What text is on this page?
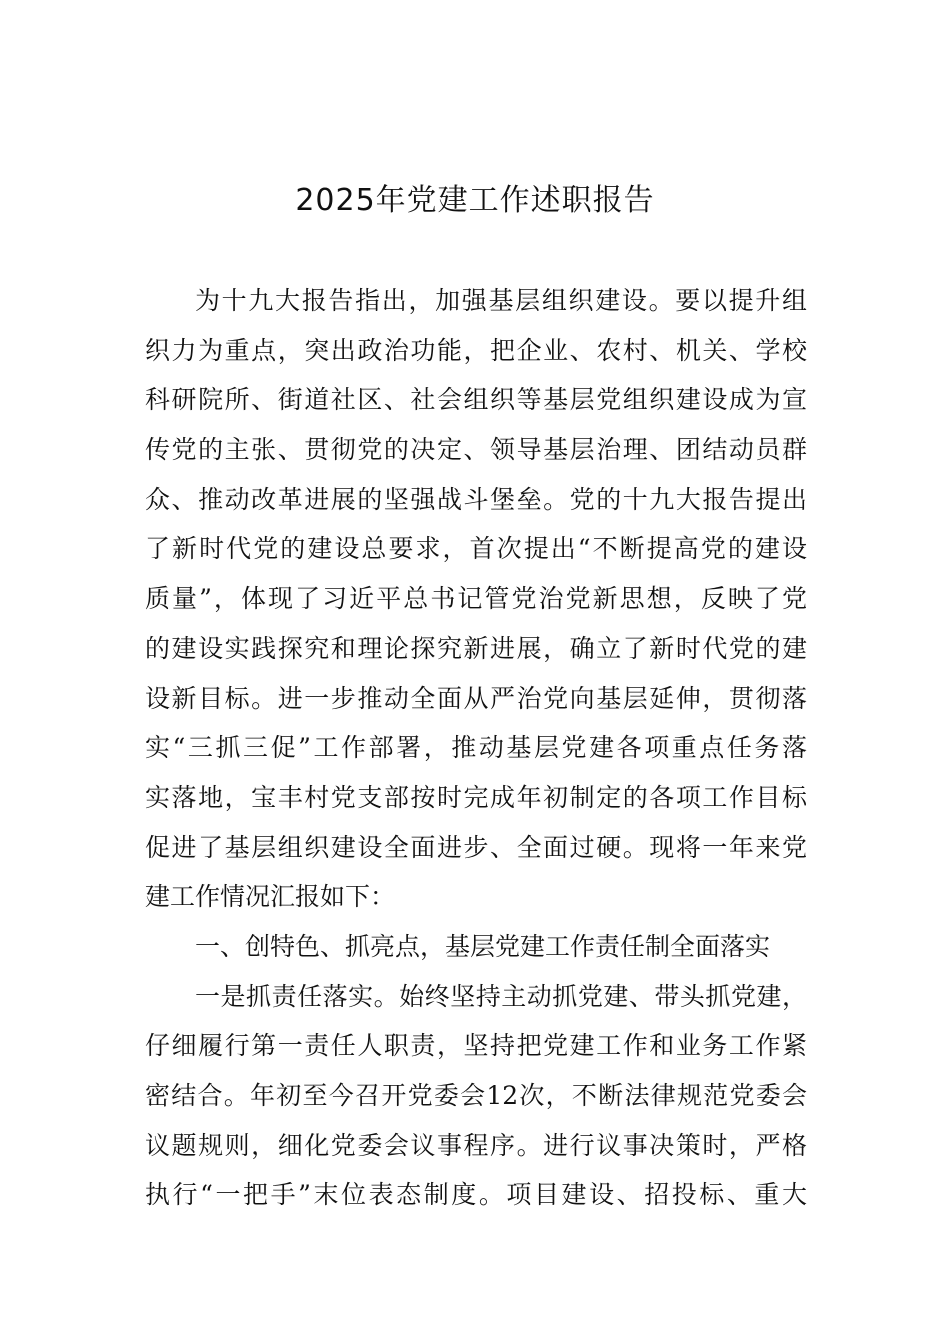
2025年党建工作述职报告
为十九大报告指出，加强基层组织建设。要以提升组
织力为重点，突出政治功能，把企业、农村、机关、学校
科研院所、街道社区、社会组织等基层党组织建设成为宣
传党的主张、贯彻党的决定、领导基层治理、团结动员群
众、推动改革进展的坚强战斗堡垒。党的十九大报告提出
了新时代党的建设总要求，首次提出“不断提高党的建设
质量”，体现了习近平总书记管党治党新思想，反映了党
的建设实践探究和理论探究新进展，确立了新时代党的建
设新目标。进一步推动全面从严治党向基层延伸，贯彻落
实“三抓三促”工作部署，推动基层党建各项重点任务落
实落地，宝丰村党支部按时完成年初制定的各项工作目标
促进了基层组织建设全面进步、全面过硬。现将一年来党
建工作情况汇报如下：
一、创特色、抓亮点，基层党建工作责任制全面落实
一是抓责任落实。始终坚持主动抓党建、带头抓党建，
仔细履行第一责任人职责，坚持把党建工作和业务工作紧
密结合。年初至今召开党委会12次，不断法律规范党委会
议题规则，细化党委会议事程序。进行议事决策时，严格
执行“一把手”末位表态制度。项目建设、招投标、重大
